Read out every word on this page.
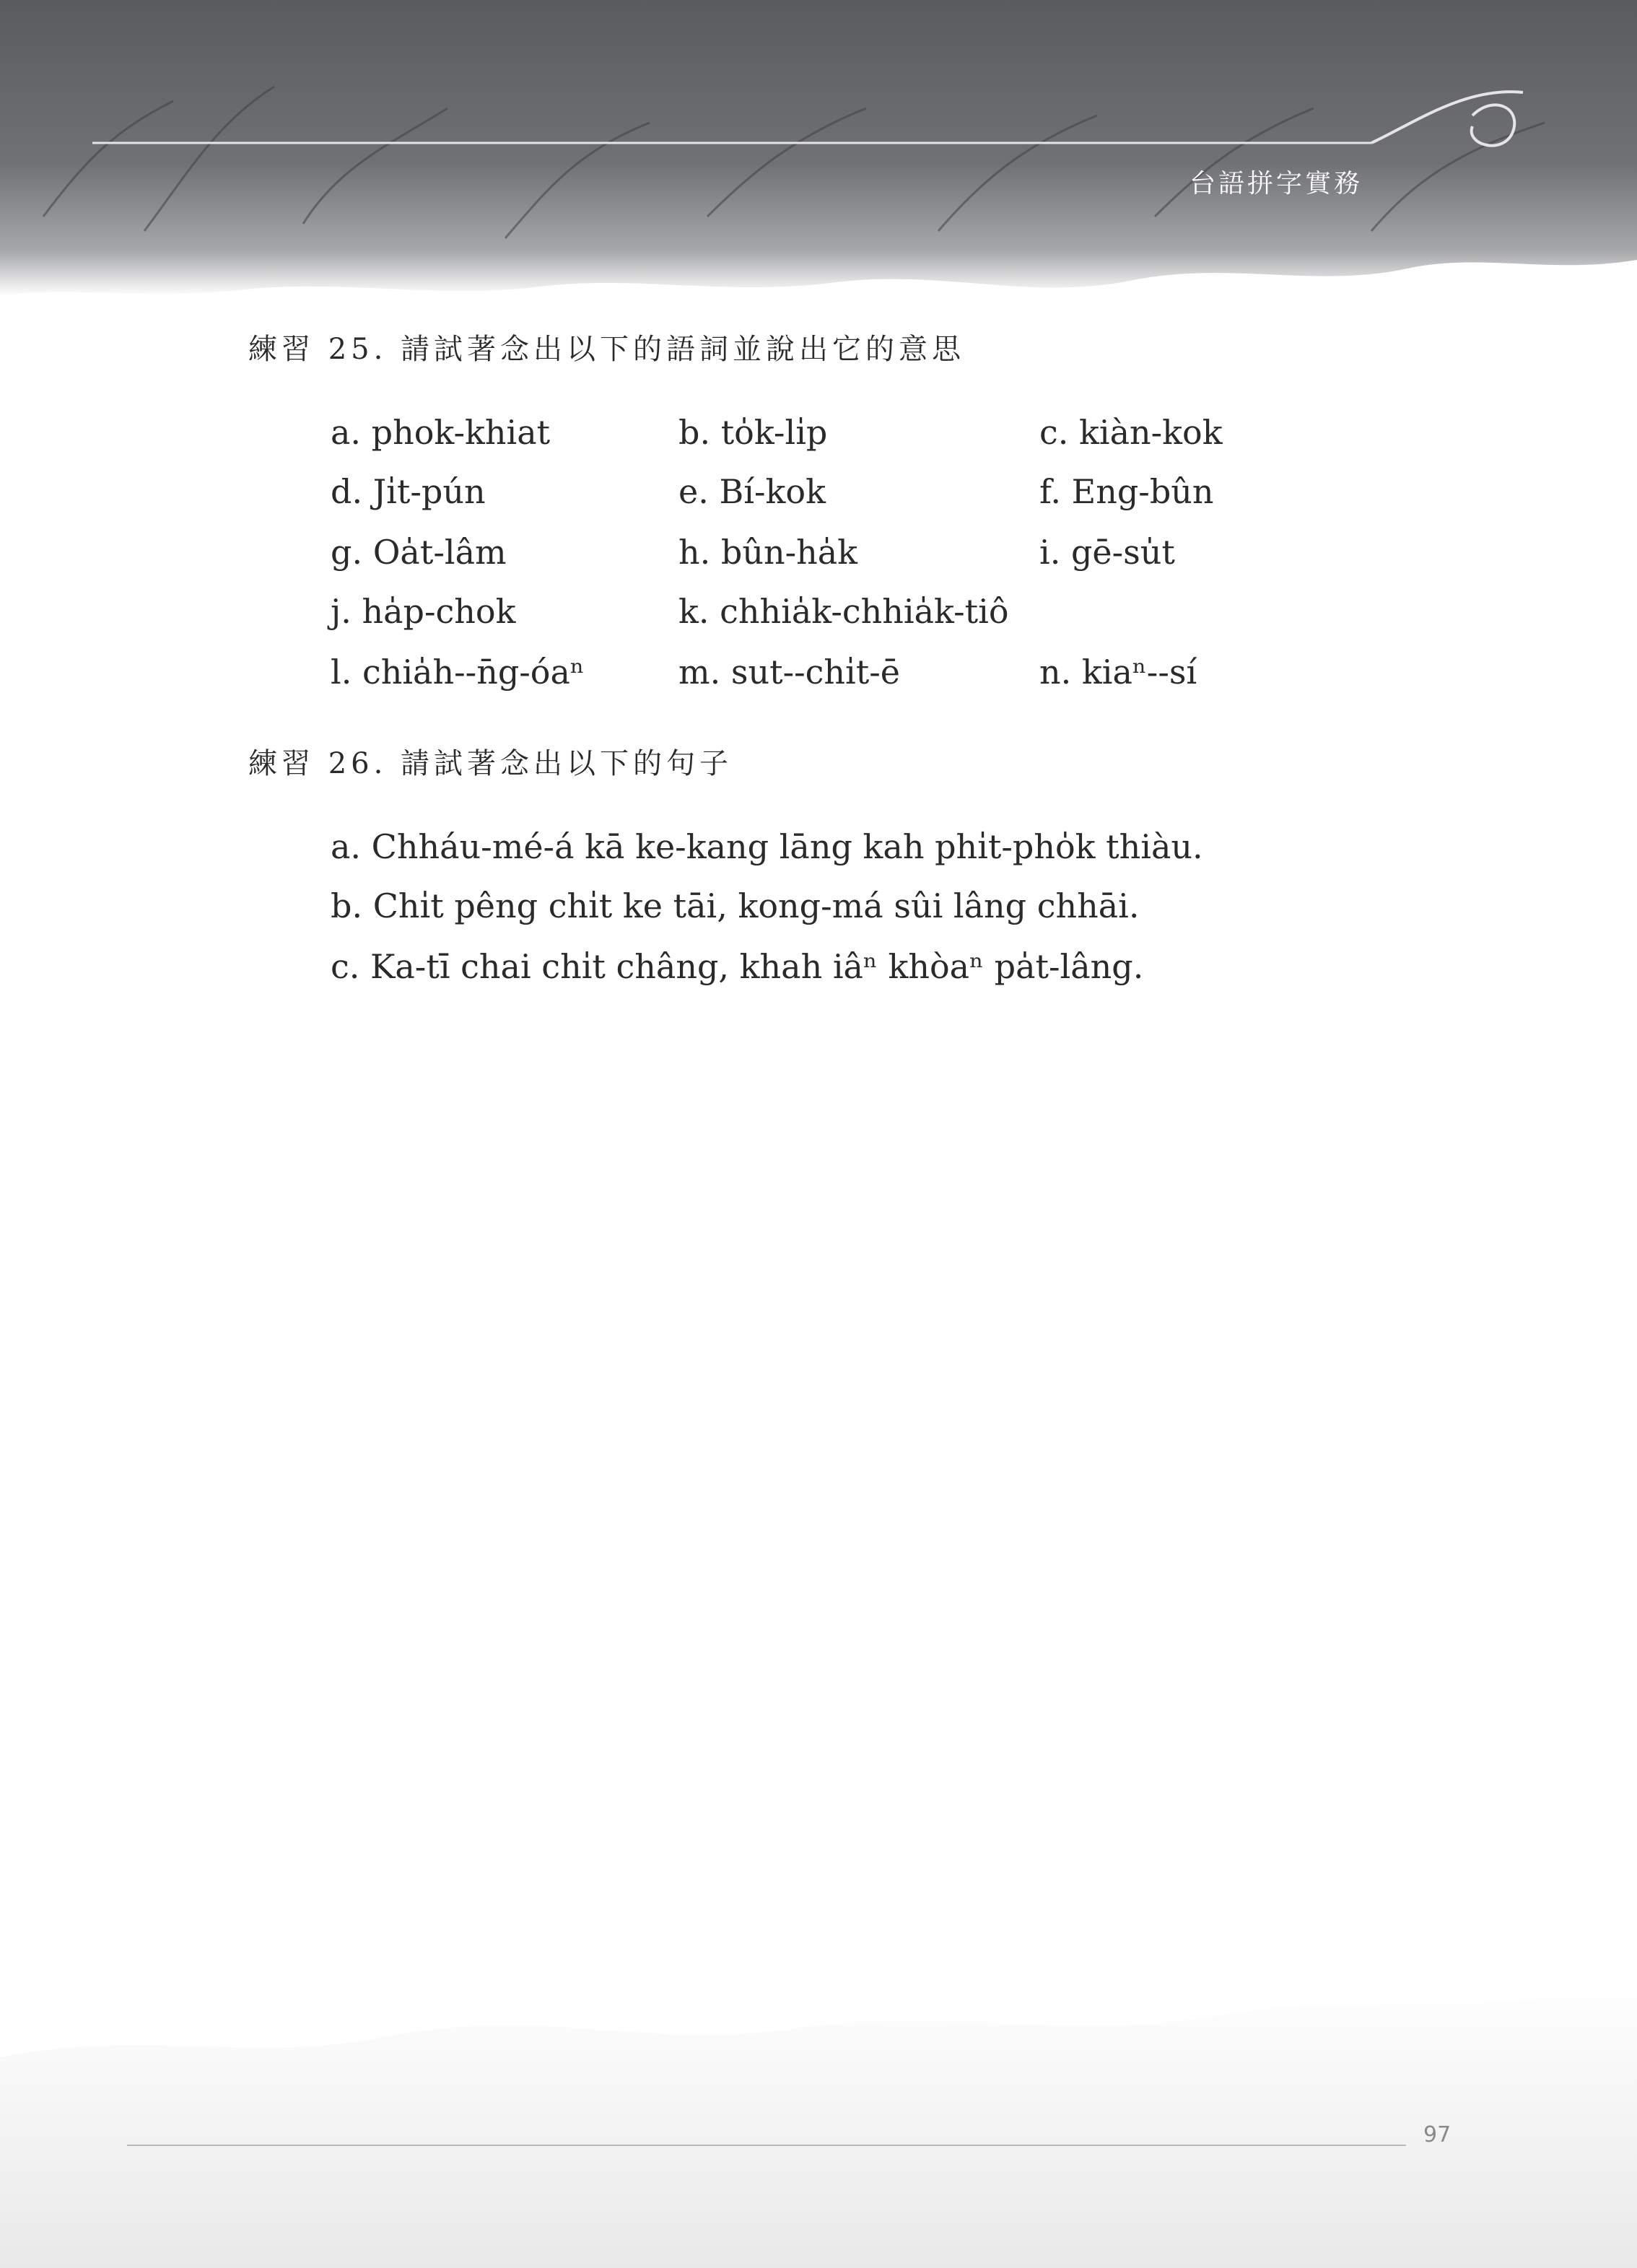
台語拼字實務
練習 25. 請試著念出以下的語詞並說出它的意思
a. phok-khiat	b. to̍k-li̍p	c. kiàn-kok
d. Ji̍t-pún	e. Bí-kok	f. Eng-bûn
g. Oa̍t-lâm	h. bûn-ha̍k	i. gē-su̍t
j. ha̍p-chok	k. chhia̍k-chhia̍k-tiô
l. chia̍h--n̄g-óaⁿ	m. sut--chi̍t-ē	n. kiaⁿ--sí
練習 26. 請試著念出以下的句子
a. Chháu-mé-á kā ke-kang lāng kah phi̍t-pho̍k thiàu.
b. Chi̍t pêng chi̍t ke tāi, kong-má sûi lâng chhāi.
c. Ka-tī chai chi̍t châng, khah iâⁿ khòaⁿ pa̍t-lâng.
97
